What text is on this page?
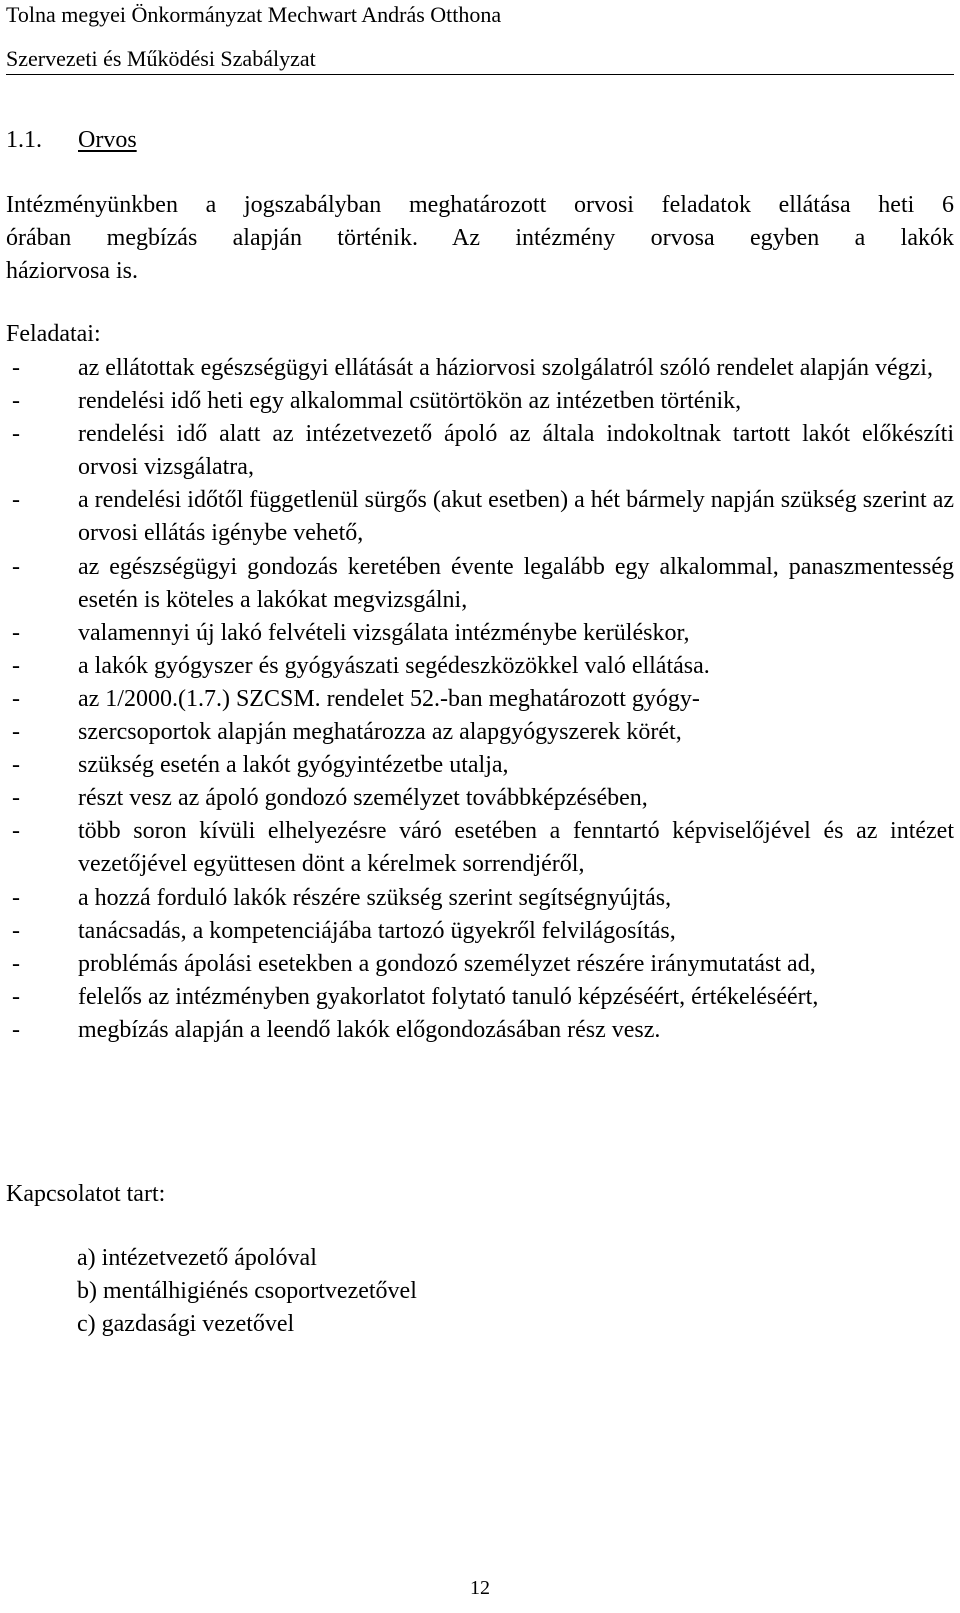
Tolna megyei Önkormányzat Mechwart András Otthona
Szervezeti és Működési Szabályzat
1.1. Orvos
Intézményünkben a jogszabályban meghatározott orvosi feladatok ellátása heti 6
órában megbízás alapján történik. Az intézmény orvosa egyben a lakók
háziorvosa is.
Feladatai:
-	az ellátottak egészségügyi ellátását a háziorvosi szolgálatról szóló rendelet alapján végzi,
-	rendelési idő heti egy alkalommal csütörtökön az intézetben történik,
-	rendelési idő alatt az intézetvezető ápoló az általa indokoltnak tartott lakót előkészíti orvosi vizsgálatra,
-	a rendelési időtől függetlenül sürgős (akut esetben) a hét bármely napján szükség szerint az orvosi ellátás igénybe vehető,
-	az egészségügyi gondozás keretében évente legalább egy alkalommal, panaszmentesség esetén is köteles a lakókat megvizsgálni,
-	valamennyi új lakó felvételi vizsgálata intézménybe kerüléskor,
-	a lakók gyógyszer és gyógyászati segédeszközökkel való ellátása.
-	az 1/2000.(1.7.) SZCSM. rendelet 52.-ban meghatározott gyógy-
-	szercsoportok alapján meghatározza az alapgyógyszerek körét,
-	szükség esetén a lakót gyógyintézetbe utalja,
-	részt vesz az ápoló gondozó személyzet továbbképzésében,
-	több soron kívüli elhelyezésre váró esetében a fenntartó képviselőjével és az intézet vezetőjével együttesen dönt a kérelmek sorrendjéről,
-	a hozzá forduló lakók részére szükség szerint segítségnyújtás,
-	tanácsadás, a kompetenciájába tartozó ügyekről felvilágosítás,
-	problémás ápolási esetekben a gondozó személyzet részére iránymutatást ad,
-	felelős az intézményben gyakorlatot folytató tanuló képzéséért, értékeléséért,
-	megbízás alapján a leendő lakók előgondozásában rész vesz.
Kapcsolatot tart:
a) intézetvezető ápolóval
b) mentálhigiénés csoportvezetővel
c) gazdasági vezetővel
12
